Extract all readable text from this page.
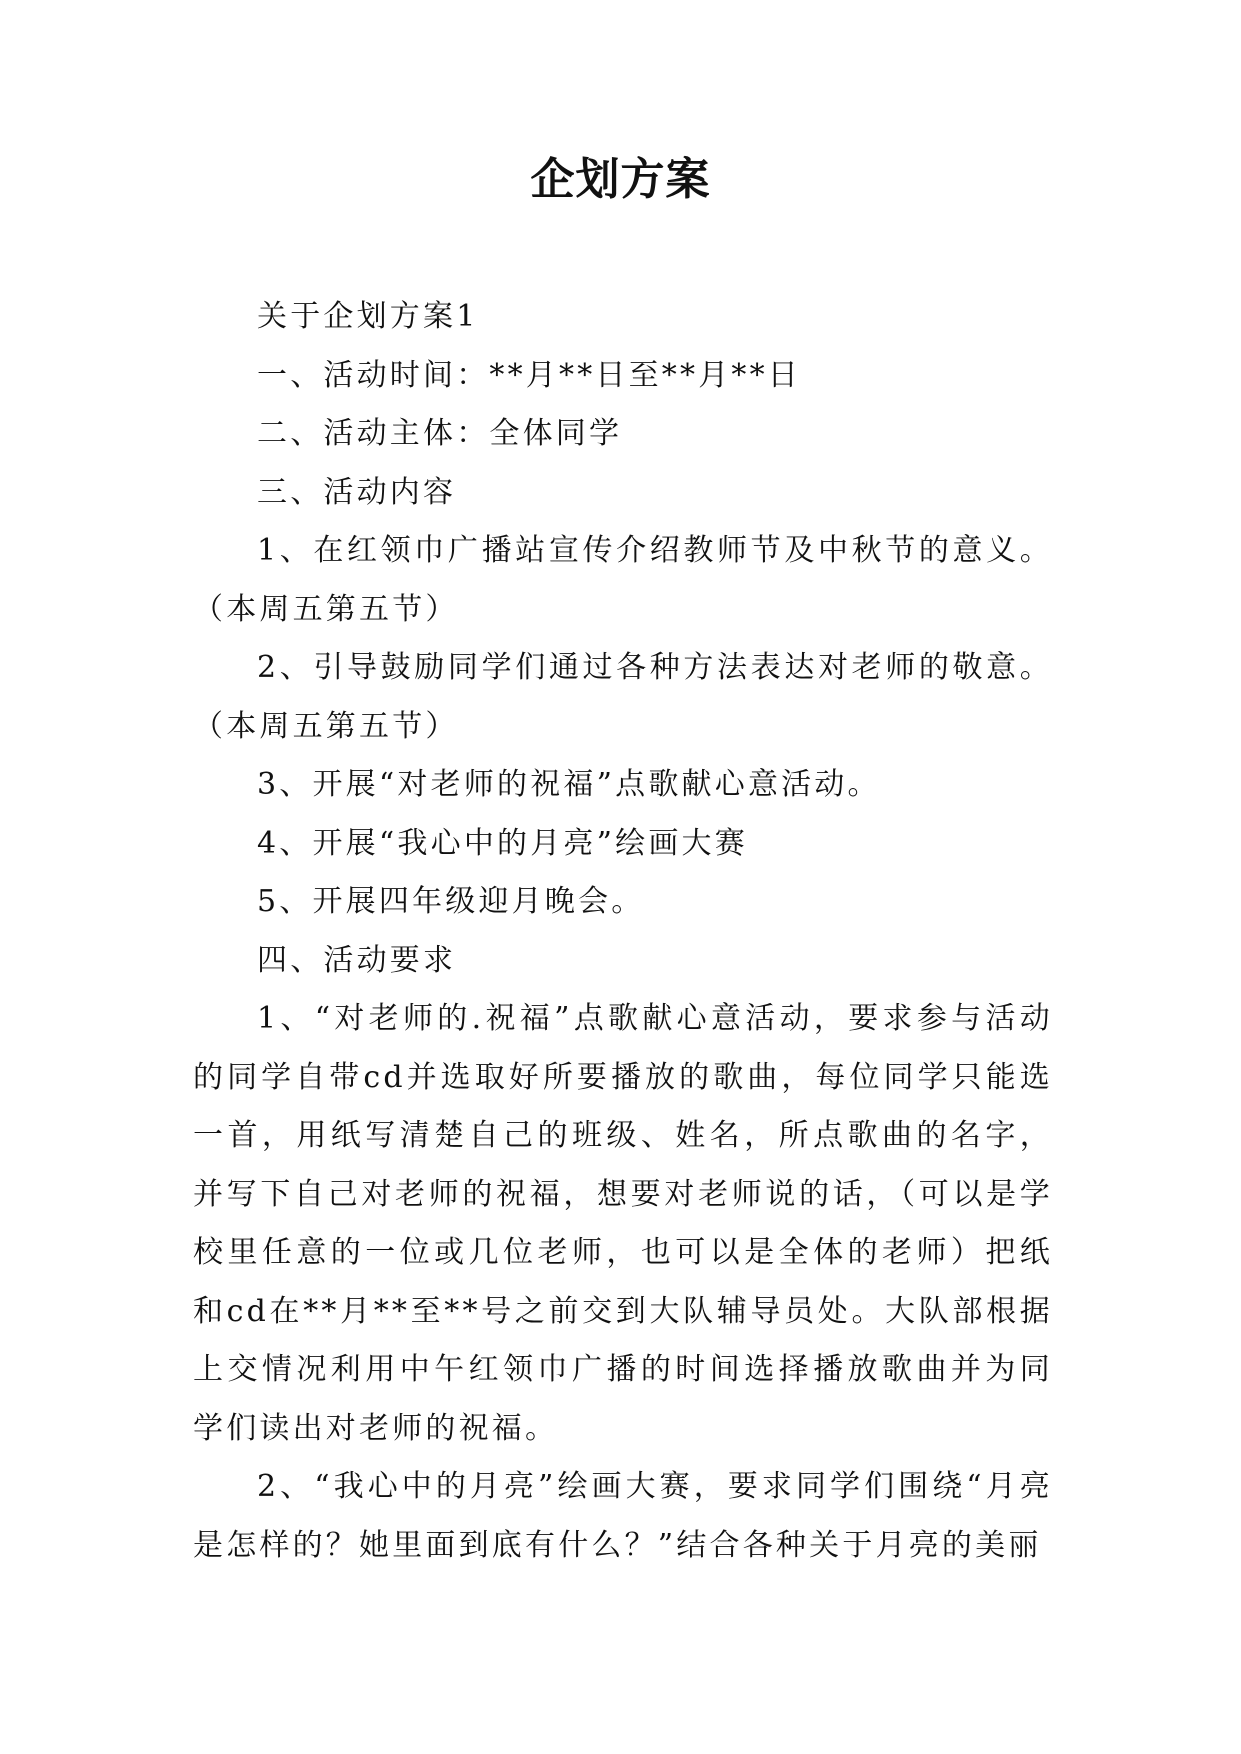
企划方案

关于企划方案1

一、活动时间：**月**日至**月**日

二、活动主体：全体同学

三、活动内容

1、在红领巾广播站宣传介绍教师节及中秋节的意义。（本周五第五节）

2、引导鼓励同学们通过各种方法表达对老师的敬意。（本周五第五节）

3、开展“对老师的祝福”点歌献心意活动。

4、开展“我心中的月亮”绘画大赛

5、开展四年级迎月晚会。

四、活动要求

1、“对老师的.祝福”点歌献心意活动，要求参与活动的同学自带cd并选取好所要播放的歌曲，每位同学只能选一首，用纸写清楚自己的班级、姓名，所点歌曲的名字，并写下自己对老师的祝福，想要对老师说的话，（可以是学校里任意的一位或几位老师，也可以是全体的老师）把纸和cd在**月**至**号之前交到大队辅导员处。大队部根据上交情况利用中午红领巾广播的时间选择播放歌曲并为同学们读出对老师的祝福。

2、“我心中的月亮”绘画大赛，要求同学们围绕“月亮是怎样的？她里面到底有什么？”结合各种关于月亮的美丽
